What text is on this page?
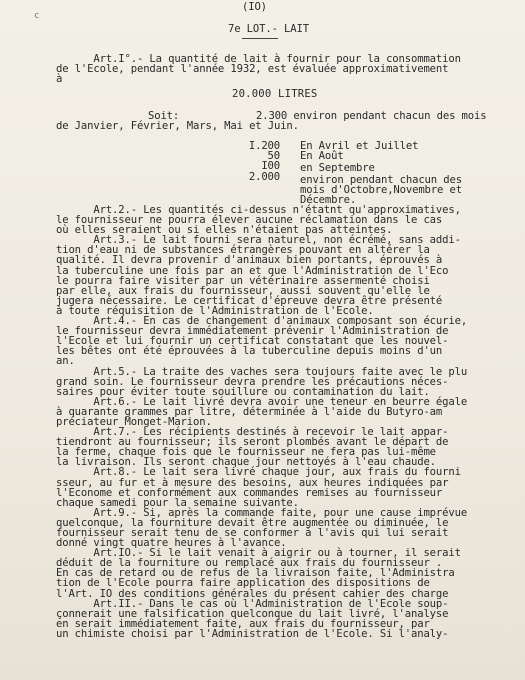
c
(IO)
7e LOT.- LAIT
Art.I°.- La quantité de lait à fournir pour la consommation
de l'Ecole, pendant l'année 1932, est évaluée approximativement
à
20.000 LITRES
Soit:	2.300 environ pendant chacun des mois
de Janvier, Février, Mars, Mai et Juin.
I.200 En Avril et Juillet
50 En Août
I00 en Septembre
2.000 environ pendant chacun des
mois d'Octobre,Novembre et
Décembre.
Art.2.- Les quantités ci-dessus n'étatnt qu'approximatives,
le fournisseur ne pourra élever aucune réclamation dans le cas
où elles seraient ou si elles n'étaient pas atteintes.
Art.3.- Le lait fourni sera naturel, non écrémé, sans addi-
tion d'eau ni de substances étrangères pouvant en altérer la
qualité. Il devra provenir d'animaux bien portants, éprouvés à
la tuberculine une fois par an et que l'Administration de l'Eco
le pourra faire visiter par un vétérinaire assermenté choisi
par elle, aux frais du fournisseur, aussi souvent qu'elle le
jugera nécessaire. Le certificat d'épreuve devra être présenté
à toute réquisition de l'Administration de l'Ecole.
Art.4.- En cas de changement d'animaux composant son écurie,
le fournisseur devra immédiatement prévenir l'Administration de
l'Ecole et lui fournir un certificat constatant que les nouvel-
les bêtes ont été éprouvées à la tuberculine depuis moins d'un
an.
Art.5.- La traite des vaches sera toujours faite avec le plu
grand soin. Le fournisseur devra prendre les précautions néces-
saires pour éviter toute souillure ou contamination du lait.
Art.6.- Le lait livré devra avoir une teneur en beurre égale
à quarante grammes par litre, déterminée à l'aide du Butyro-am
préciateur Monget-Marion.
Art.7.- Les récipients destinés à recevoir le lait appar-
tiendront au fournisseur; ils seront plombés avant le départ de
la ferme, chaque fois que le fournisseur ne fera pas lui-même
la livraison. Ils seront chaque jour nettoyés à l'eau chaude.
Art.8.- Le lait sera livré chaque jour, aux frais du fourni
sseur, au fur et à mesure des besoins, aux heures indiquées par
l'Econome et conformément aux commandes remises au fournisseur
chaque samedi pour la semaine suivante.
Art.9.- Si, après la commande faite, pour une cause imprévue
quelconque, la fourniture devait être augmentée ou diminuée, le
fournisseur serait tenu de se conformer à l'avis qui lui serait
donné vingt quatre heures à l'avance.
Art.IO.- Si le lait venait à aigrir ou à tourner, il serait
déduit de la fourniture ou remplacé aux frais du fournisseur .
En cas de retard ou de refus de la livraison faite, l'Administra
tion de l'Ecole pourra faire application des dispositions de
l'Art. IO des conditions générales du présent cahier des charge
Art.II.- Dans le cas où l'Administration de l'Ecole soup-
çonnerait une falsification quelconque du lait livré, l'analyse
en serait immédiatement faite, aux frais du fournisseur, par
un chimiste choisi par l'Administration de l'Ecole. Si l'analy-
